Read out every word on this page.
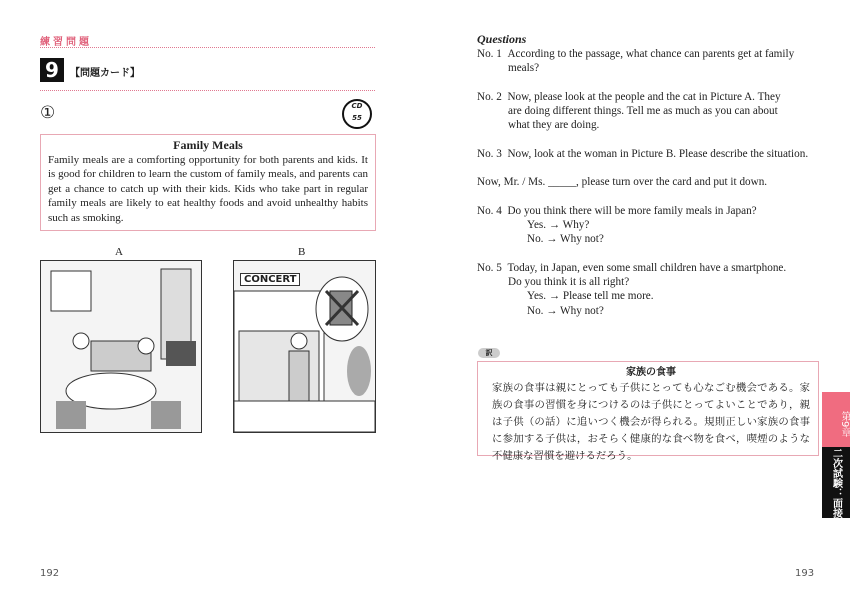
練習問題
9	【問題カード】
①	CD
55
Family Meals
Family meals are a comforting opportunity for both parents and kids. It is good for children to learn the custom of family meals, and parents can get a chance to catch up with their kids. Kids who take part in regular family meals are likely to eat healthy foods and avoid unhealthy habits such as smoking.
A	B
CONCERT
192
Questions
No. 1 According to the passage, what chance can parents get at family
meals?
No. 2 Now, please look at the people and the cat in Picture A. They
are doing different things. Tell me as much as you can about
what they are doing.
No. 3 Now, look at the woman in Picture B. Please describe the situation.
Now, Mr. / Ms. _____, please turn over the card and put it down.
No. 4 Do you think there will be more family meals in Japan?
Yes. → Why?
No. → Why not?
No. 5 Today, in Japan, even some small children have a smartphone.
Do you think it is all right?
Yes. → Please tell me more.
No. → Why not?
訳
家族の食事
家族の食事は親にとっても子供にとっても心なごむ機会である。家族の食事の習慣を身につけるのは子供にとってよいことであり，親は子供（の話）に追いつく機会が得られる。規則正しい家族の食事に参加する子供は，おそらく健康的な食べ物を食べ，喫煙のような不健康な習慣を避けるだろう。
第9章
二次試験：面接
193
